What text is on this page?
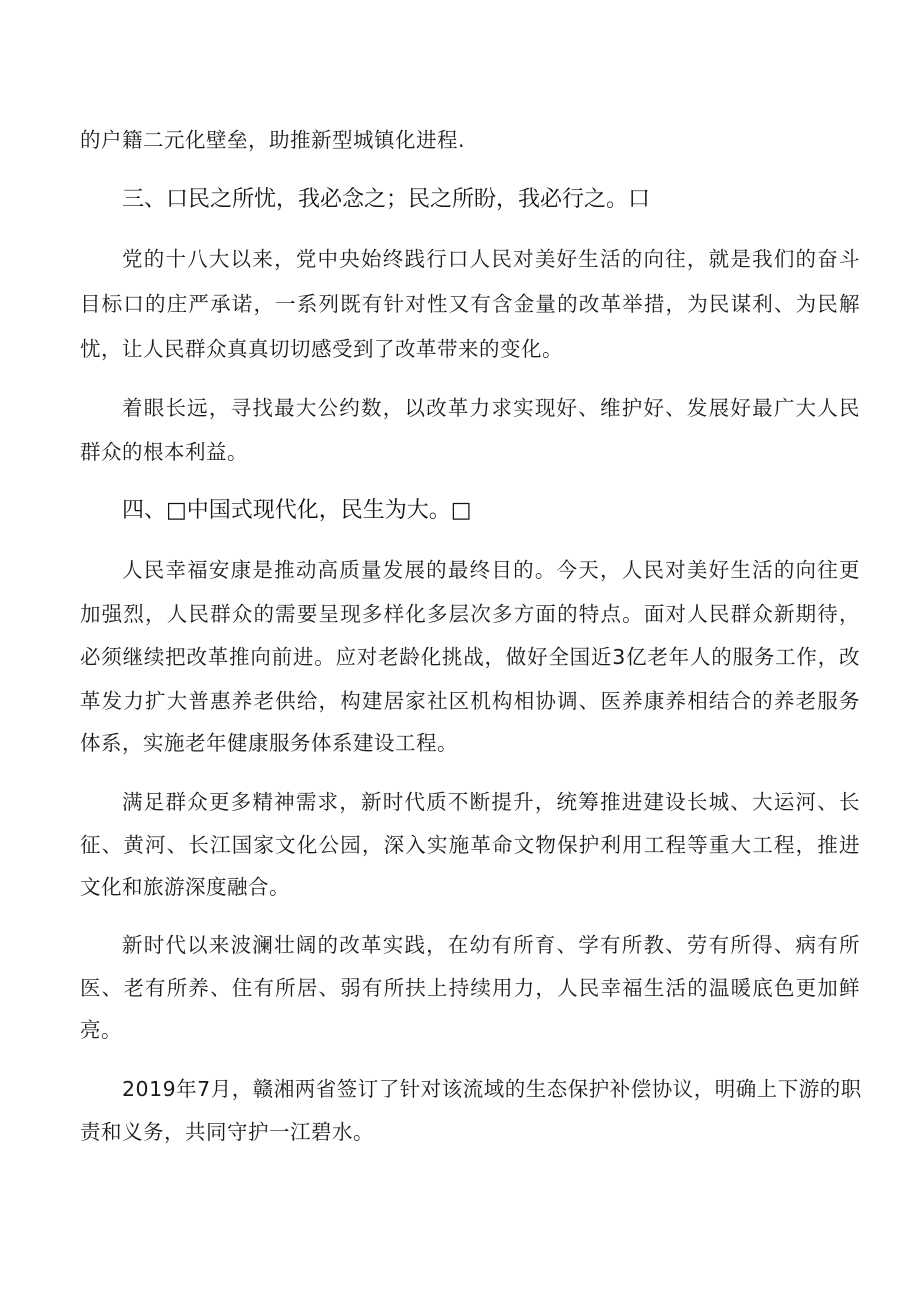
的户籍二元化壁垒，助推新型城镇化进程.
三、口民之所忧，我必念之；民之所盼，我必行之。口
党的十八大以来，党中央始终践行口人民对美好生活的向往，就是我们的奋斗
目标口的庄严承诺，一系列既有针对性又有含金量的改革举措，为民谋利、为民解
忧，让人民群众真真切切感受到了改革带来的变化。
着眼长远，寻找最大公约数，以改革力求实现好、维护好、发展好最广大人民
群众的根本利益。
四、□中国式现代化，民生为大。□
人民幸福安康是推动高质量发展的最终目的。今天，人民对美好生活的向往更
加强烈，人民群众的需要呈现多样化多层次多方面的特点。面对人民群众新期待，
必须继续把改革推向前进。应对老龄化挑战，做好全国近3亿老年人的服务工作，改
革发力扩大普惠养老供给，构建居家社区机构相协调、医养康养相结合的养老服务
体系，实施老年健康服务体系建设工程。
满足群众更多精神需求，新时代质不断提升，统筹推进建设长城、大运河、长
征、黄河、长江国家文化公园，深入实施革命文物保护利用工程等重大工程，推进
文化和旅游深度融合。
新时代以来波澜壮阔的改革实践，在幼有所育、学有所教、劳有所得、病有所
医、老有所养、住有所居、弱有所扶上持续用力，人民幸福生活的温暖底色更加鲜
亮。
2019年7月，赣湘两省签订了针对该流域的生态保护补偿协议，明确上下游的职
责和义务，共同守护一江碧水。
